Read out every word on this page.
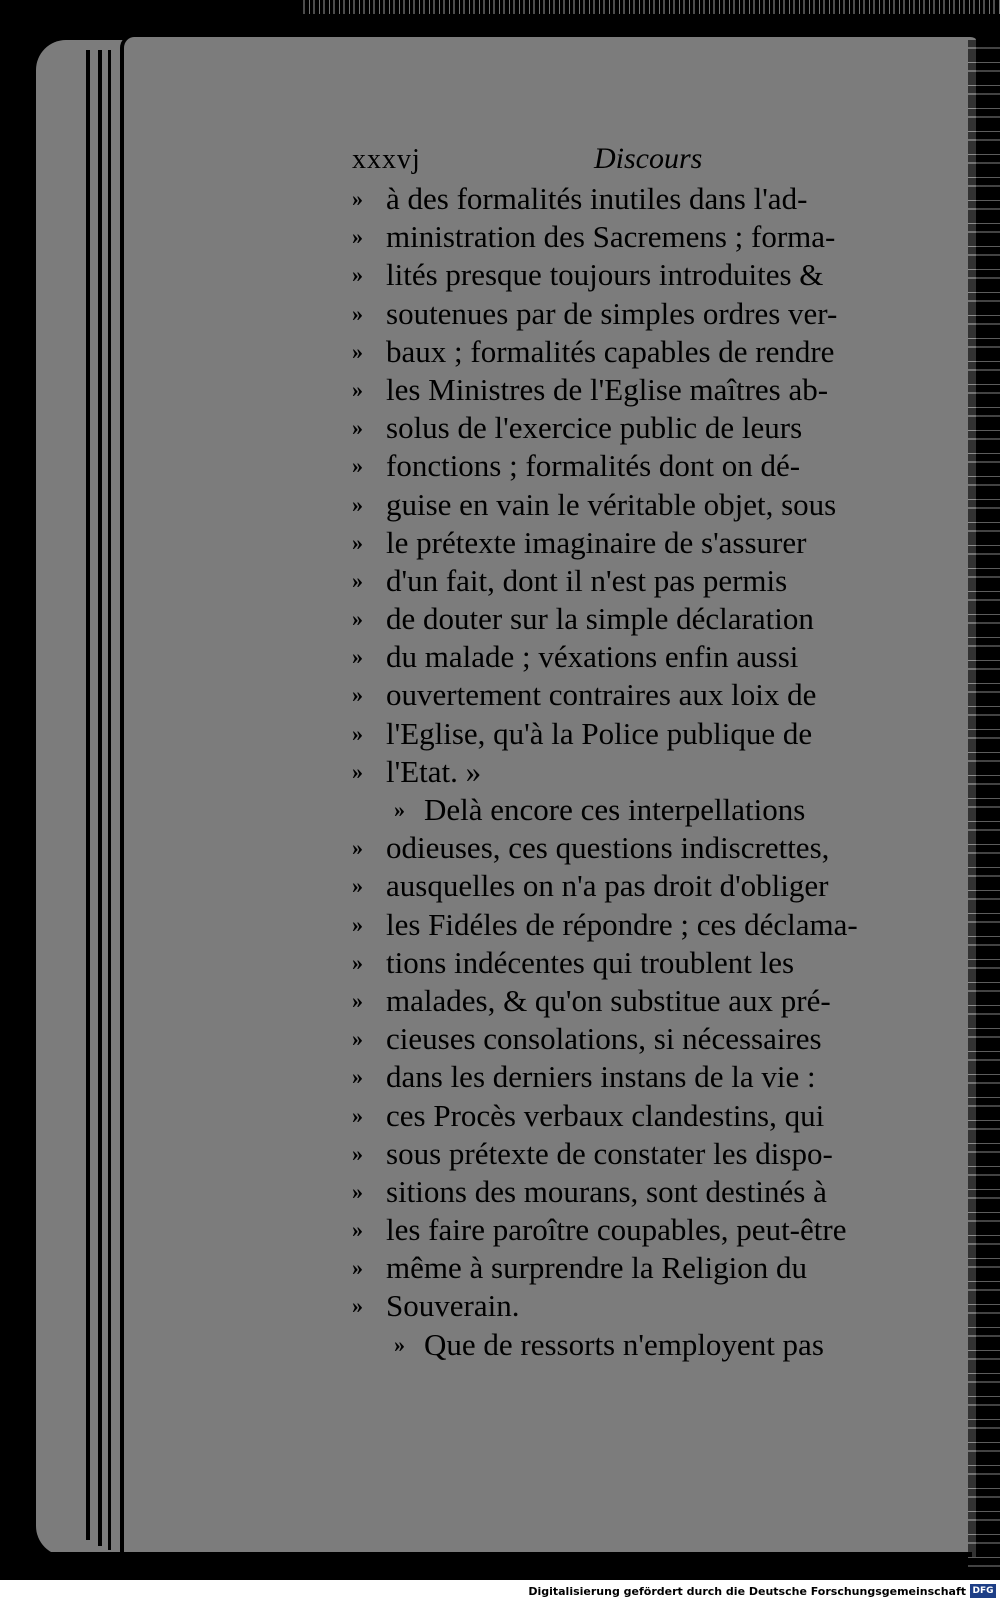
xxxvj	Discours
» à des formalités inutiles dans l'ad-
» ministration des Sacremens ; forma-
» lités presque toujours introduites &
» soutenues par de simples ordres ver-
» baux ; formalités capables de rendre
» les Ministres de l'Eglise maîtres ab-
» solus de l'exercice public de leurs
» fonctions ; formalités dont on dé-
» guise en vain le véritable objet, sous
» le prétexte imaginaire de s'assurer
» d'un fait, dont il n'est pas permis
» de douter sur la simple déclaration
» du malade ; véxations enfin aussi
» ouvertement contraires aux loix de
» l'Eglise, qu'à la Police publique de
» l'Etat. »
» Delà encore ces interpellations
» odieuses, ces questions indiscrettes,
» ausquelles on n'a pas droit d'obliger
» les Fidéles de répondre ; ces déclama-
» tions indécentes qui troublent les
» malades, & qu'on substitue aux pré-
» cieuses consolations, si nécessaires
» dans les derniers instans de la vie :
» ces Procès verbaux clandestins, qui
» sous prétexte de constater les dispo-
» sitions des mourans, sont destinés à
» les faire paroître coupables, peut-être
» même à surprendre la Religion du
» Souverain.
» Que de ressorts n'employent pas
Digitalisierung gefördert durch die Deutsche Forschungsgemeinschaft DFG
